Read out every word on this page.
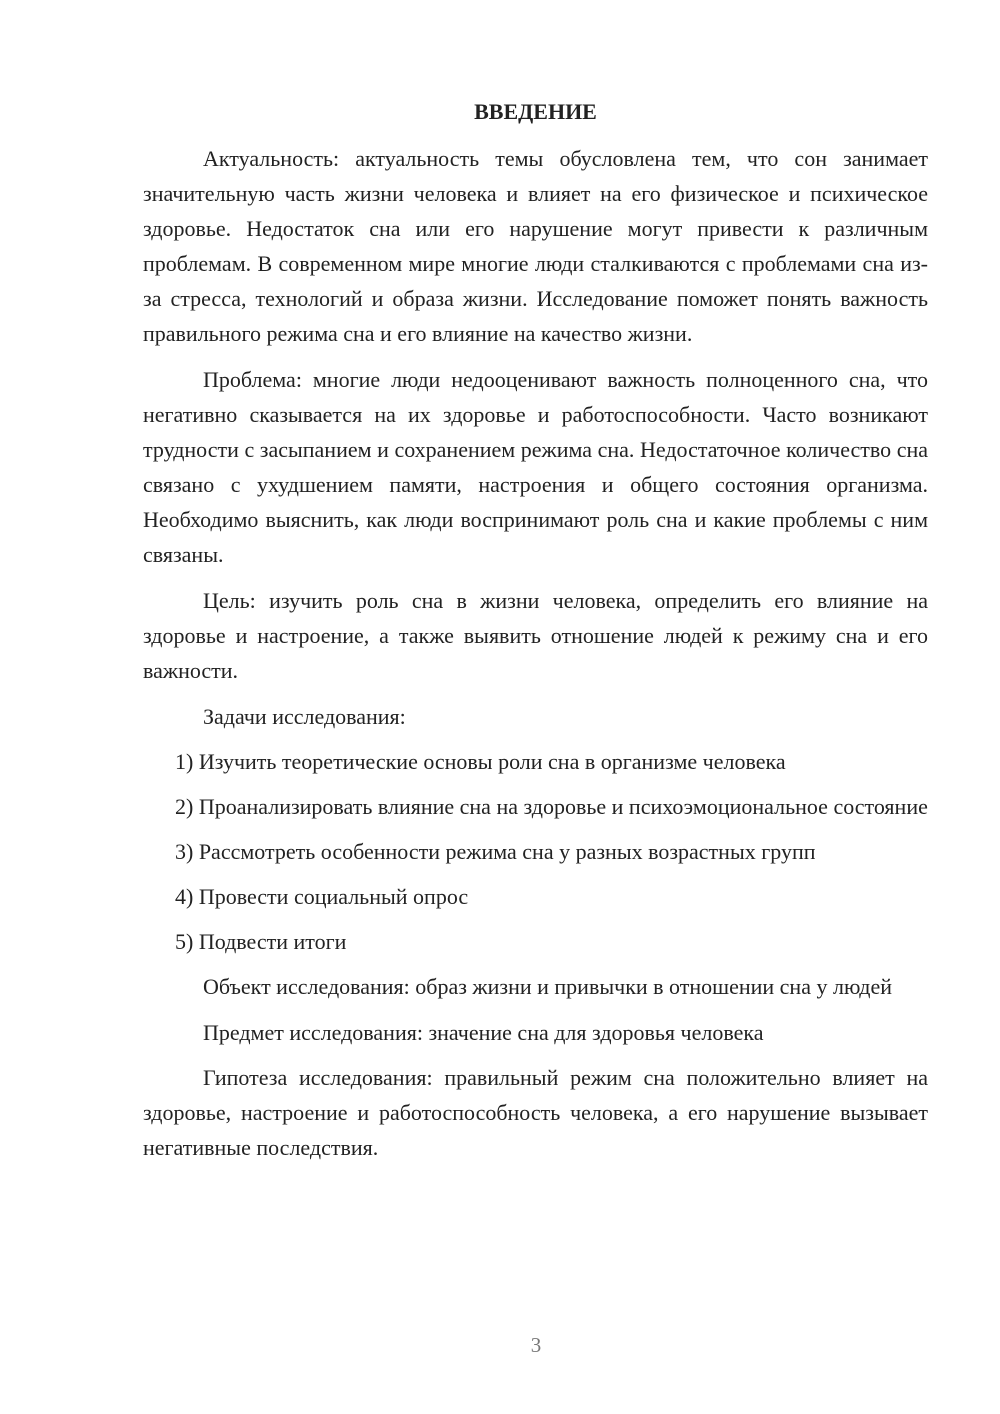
ВВЕДЕНИЕ

Актуальность: актуальность темы обусловлена тем, что сон занимает значительную часть жизни человека и влияет на его физическое и психическое здоровье. Недостаток сна или его нарушение могут привести к различным проблемам. В современном мире многие люди сталкиваются с проблемами сна из-за стресса, технологий и образа жизни. Исследование поможет понять важность правильного режима сна и его влияние на качество жизни.

Проблема: многие люди недооценивают важность полноценного сна, что негативно сказывается на их здоровье и работоспособности. Часто возникают трудности с засыпанием и сохранением режима сна. Недостаточное количество сна связано с ухудшением памяти, настроения и общего состояния организма. Необходимо выяснить, как люди воспринимают роль сна и какие проблемы с ним связаны.

Цель: изучить роль сна в жизни человека, определить его влияние на здоровье и настроение, а также выявить отношение людей к режиму сна и его важности.

Задачи исследования:

1) Изучить теоретические основы роли сна в организме человека

2) Проанализировать влияние сна на здоровье и психоэмоциональное состояние

3) Рассмотреть особенности режима сна у разных возрастных групп

4) Провести социальный опрос

5) Подвести итоги

Объект исследования: образ жизни и привычки в отношении сна у людей

Предмет исследования: значение сна для здоровья человека

Гипотеза исследования: правильный режим сна положительно влияет на здоровье, настроение и работоспособность человека, а его нарушение вызывает негативные последствия.

3
